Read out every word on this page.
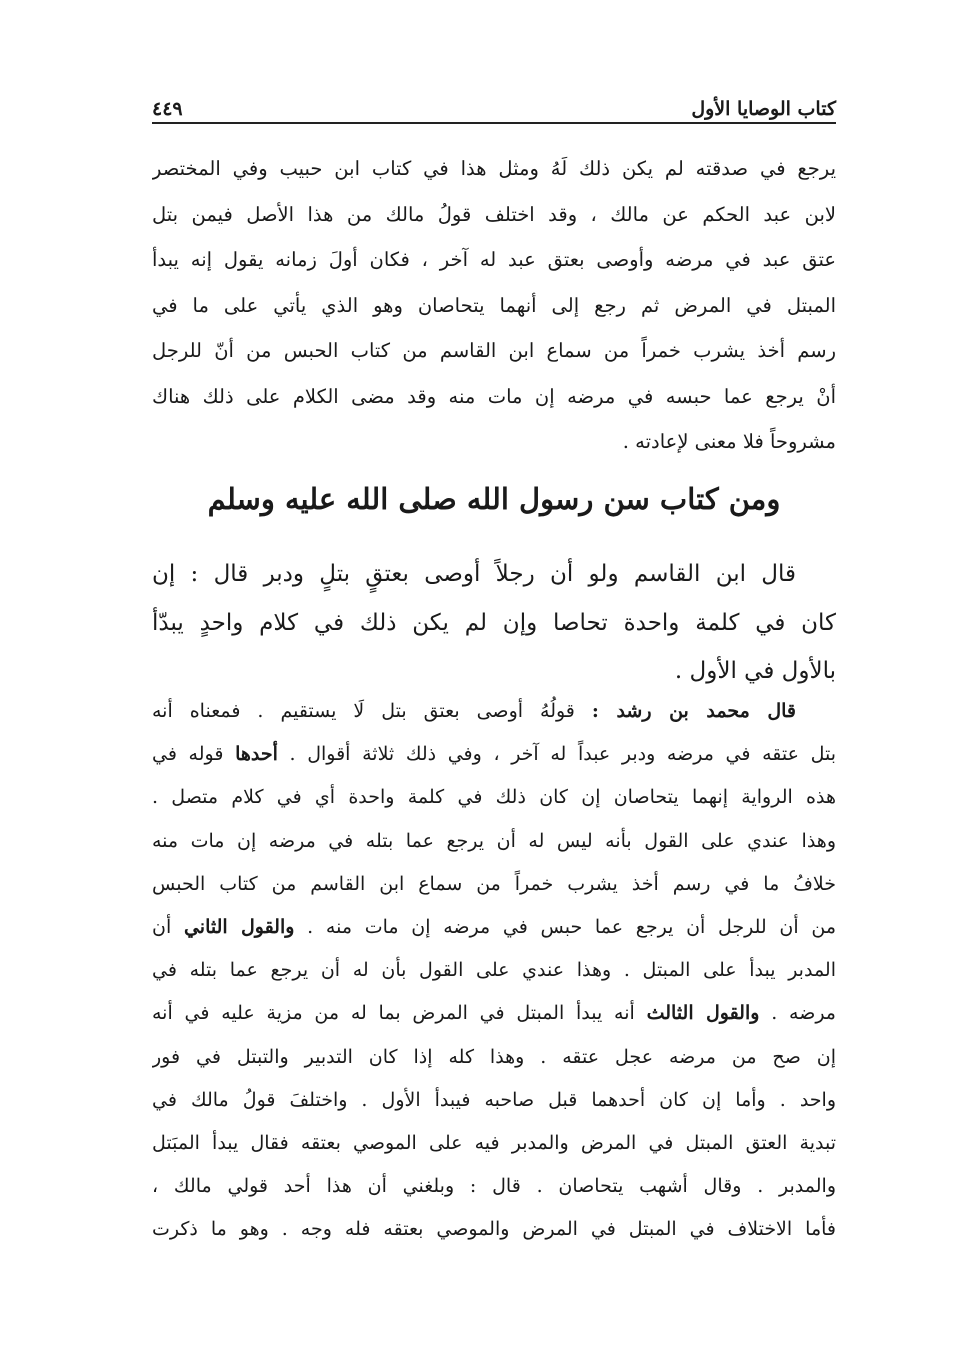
كتاب الوصايا الأول
٤٤٩
يرجع في صدقته لم يكن ذلك لَهُ ومثل هذا في كتاب ابن حبيب وفي المختصر
لابن عبد الحكم عن مالك ، وقد اختلف قولُ مالك من هذا الأصل فيمن بتل
عتق عبد في مرضه وأوصى بعتق عبد له آخر ، فكان أولَ زمانه يقول إنه يبدأ
المبتل في المرض ثم رجع إلى أنهما يتحاصان وهو الذي يأتي على ما في
رسم أخذ يشرب خمراً من سماع ابن القاسم من كتاب الحبس من أنّ للرجل
أنْ يرجع عما حبسه في مرضه إن مات منه وقد مضى الكلام على ذلك هناك
مشروحاً فلا معنى لإعادته .
ومن كتاب سن رسول الله صلى الله عليه وسلم
قال ابن القاسم ولو أن رجلاً أوصى بعتقٍ بتلٍ ودبر قال : إن
كان في كلمة واحدة تحاصا وإن لم يكن ذلك في كلام واحدٍ يبدّأ
بالأول في الأول .
قال محمد بن رشد : قولُهُ أوصى بعتق بتل لَا يستقيم . فمعناه أنه
بتل عتقه في مرضه ودبر عبداً له آخر ، وفي ذلك ثلاثة أقوال . أحدها قوله في
هذه الرواية إنهما يتحاصان إن كان ذلك في كلمة واحدة أي في كلام متصل .
وهذا عندي على القول بأنه ليس له أن يرجع عما بتله في مرضه إن مات منه
خلافُ ما في رسم أخذ يشرب خمراً من سماع ابن القاسم من كتاب الحبس
من أن للرجل أن يرجع عما حبس في مرضه إن مات منه . والقول الثاني أن
المدبر يبدأ على المبتل . وهذا عندي على القول بأن له أن يرجع عما بتله في
مرضه . والقول الثالث أنه يبدأ المبتل في المرض بما له من مزية عليه في أنه
إن صح من مرضه عجل عتقه . وهذا كله إذا كان التدبير والتبتل في فور
واحد . وأما إن كان أحدهما قبل صاحبه فيبدأ الأول . واختلفَ قولُ مالك في
تبدية العتق المبتل في المرض والمدبر فيه على الموصي بعتقه فقال يبدأ المبَتل
والمدبر . وقال أشهب يتحاصان . قال : وبلغني أن هذا أحد قولي مالك ،
فأما الاختلاف في المبتل في المرض والموصي بعتقه فله وجه . وهو ما ذكرت
